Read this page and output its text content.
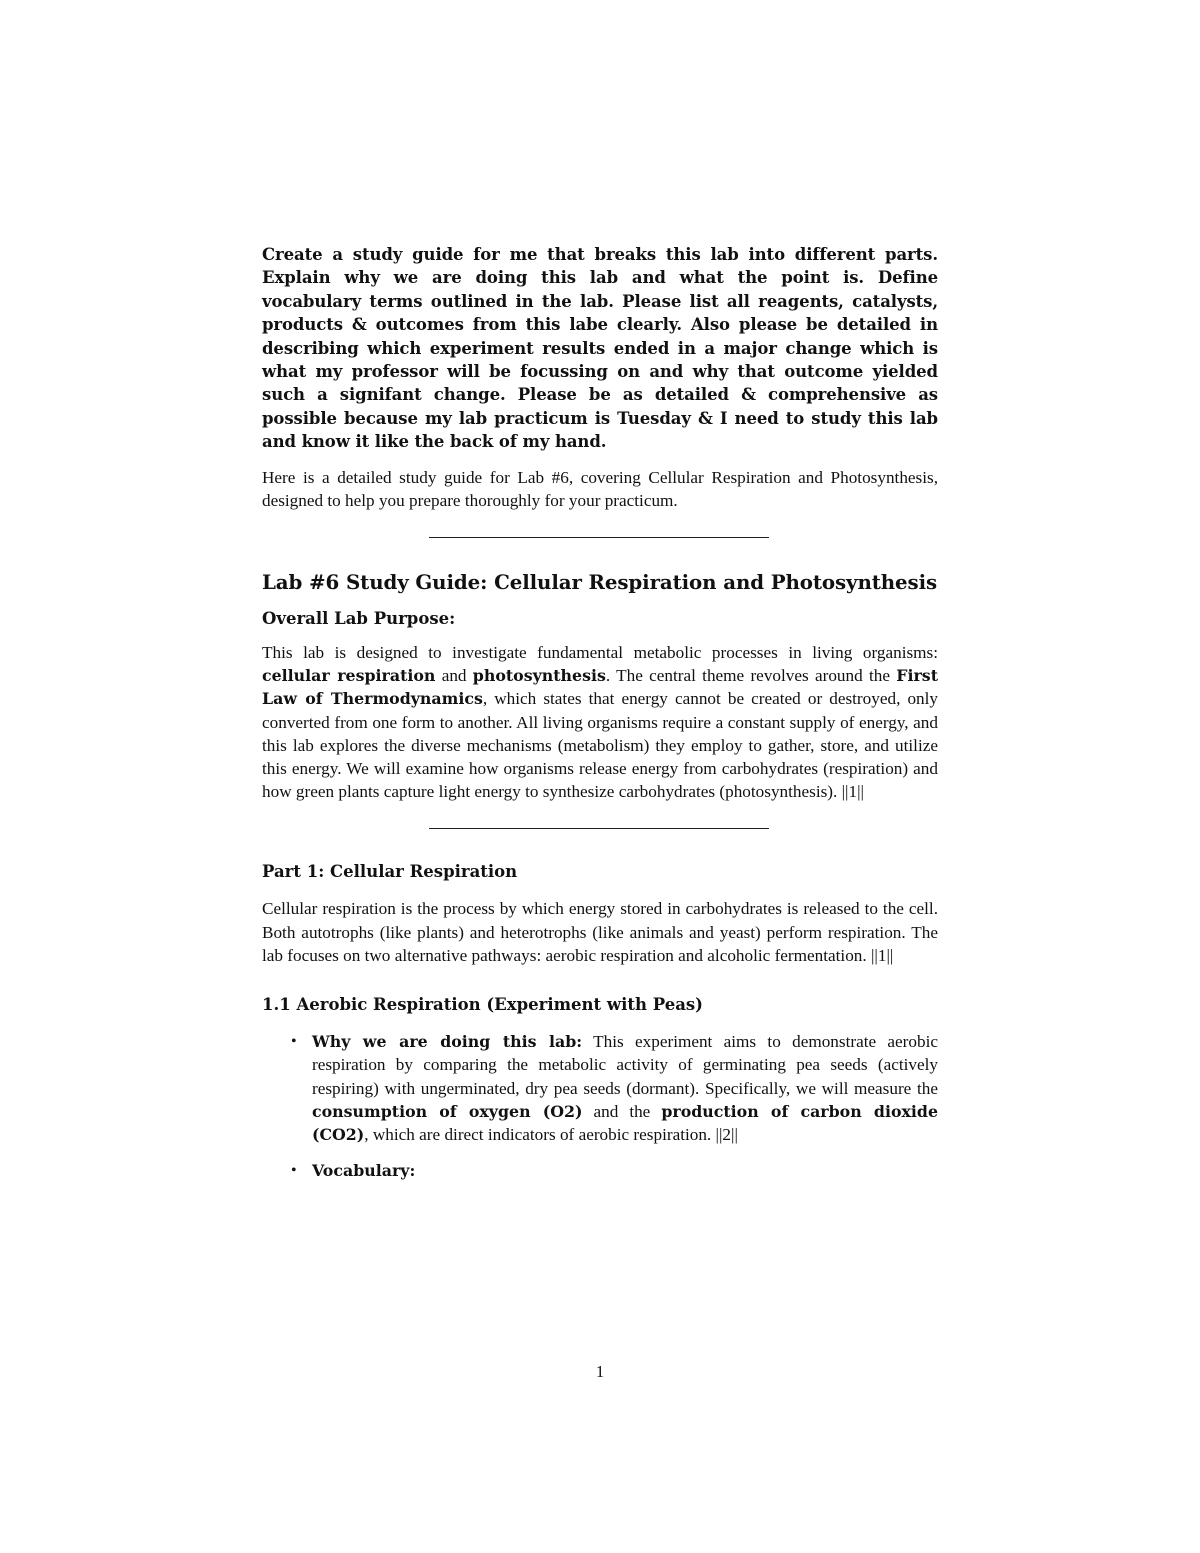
Create a study guide for me that breaks this lab into different parts. Explain why we are doing this lab and what the point is. Define vocabulary terms outlined in the lab. Please list all reagents, catalysts, products & outcomes from this labe clearly. Also please be detailed in describing which experiment results ended in a major change which is what my professor will be focussing on and why that outcome yielded such a signifant change. Please be as detailed & comprehensive as possible because my lab practicum is Tuesday & I need to study this lab and know it like the back of my hand.

Here is a detailed study guide for Lab #6, covering Cellular Respiration and Photosynthesis, designed to help you prepare thoroughly for your practicum.

Lab #6 Study Guide: Cellular Respiration and Photosynthesis
Overall Lab Purpose:

This lab is designed to investigate fundamental metabolic processes in living organisms: cellular respiration and photosynthesis. The central theme revolves around the First Law of Thermodynamics, which states that energy cannot be created or destroyed, only converted from one form to another. All living organisms require a constant supply of energy, and this lab explores the diverse mechanisms (metabolism) they employ to gather, store, and utilize this energy. We will examine how organisms release energy from carbohydrates (respiration) and how green plants capture light energy to synthesize carbohydrates (photosynthesis). ||1||

Part 1: Cellular Respiration

Cellular respiration is the process by which energy stored in carbohydrates is released to the cell. Both autotrophs (like plants) and heterotrophs (like animals and yeast) perform respiration. The lab focuses on two alternative pathways: aerobic respiration and alcoholic fermentation. ||1||

1.1 Aerobic Respiration (Experiment with Peas)
• Why we are doing this lab: This experiment aims to demonstrate aerobic respiration by comparing the metabolic activity of germinating pea seeds (actively respiring) with ungerminated, dry pea seeds (dormant). Specifically, we will measure the consumption of oxygen (O2) and the production of carbon dioxide (CO2), which are direct indicators of aerobic respiration. ||2||
• Vocabulary:
1
